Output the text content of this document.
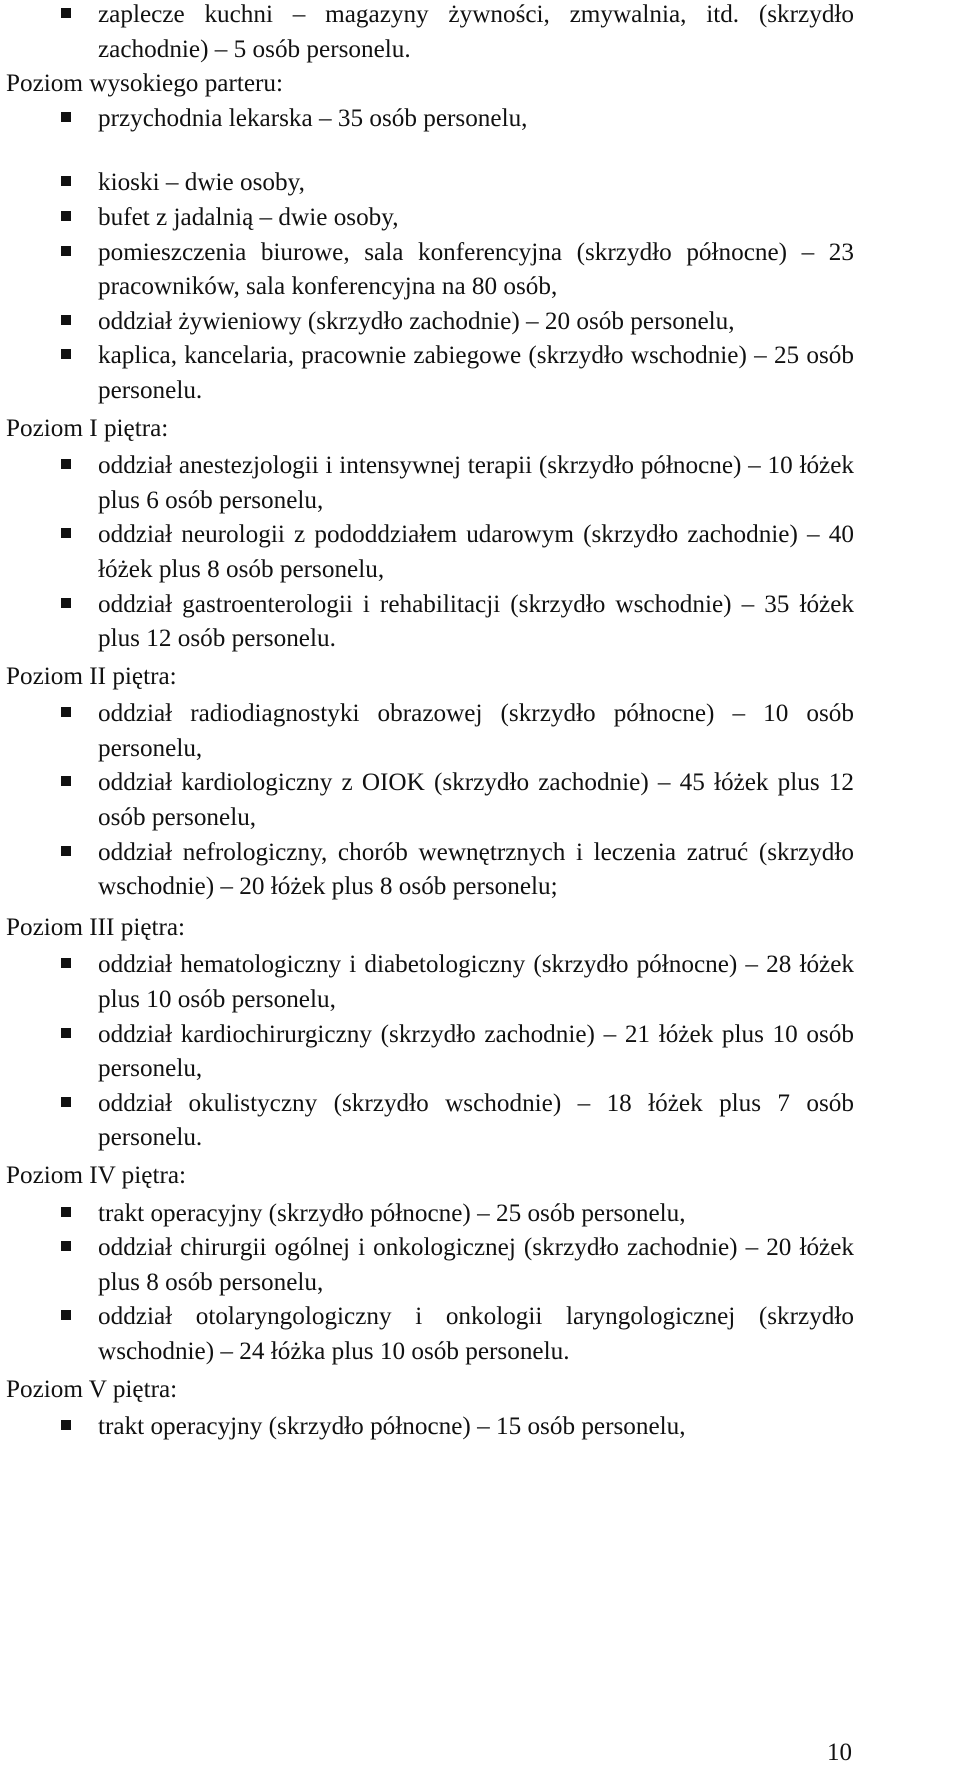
zaplecze kuchni – magazyny żywności, zmywalnia, itd. (skrzydło zachodnie) – 5 osób personelu.
Poziom wysokiego parteru:
przychodnia lekarska – 35 osób personelu,
kioski – dwie osoby,
bufet z jadalnią – dwie osoby,
pomieszczenia biurowe, sala konferencyjna (skrzydło północne) – 23 pracowników, sala konferencyjna na 80 osób,
oddział żywieniowy (skrzydło zachodnie) – 20 osób personelu,
kaplica, kancelaria, pracownie zabiegowe (skrzydło wschodnie) – 25 osób personelu.
Poziom I piętra:
oddział anestezjologii i intensywnej terapii (skrzydło północne) – 10 łóżek plus 6 osób personelu,
oddział neurologii z pododdziałem udarowym (skrzydło zachodnie) – 40 łóżek plus 8 osób personelu,
oddział gastroenterologii i rehabilitacji (skrzydło wschodnie) – 35 łóżek plus 12 osób personelu.
Poziom II piętra:
oddział radiodiagnostyki obrazowej (skrzydło północne) – 10 osób personelu,
oddział kardiologiczny z OIOK (skrzydło zachodnie) – 45 łóżek plus 12 osób personelu,
oddział nefrologiczny, chorób wewnętrznych i leczenia zatruć (skrzydło wschodnie) – 20 łóżek plus 8 osób personelu;
Poziom III piętra:
oddział hematologiczny i diabetologiczny (skrzydło północne) – 28 łóżek plus 10 osób personelu,
oddział kardiochirurgiczny (skrzydło zachodnie) – 21 łóżek plus 10 osób personelu,
oddział okulistyczny (skrzydło wschodnie) – 18 łóżek plus 7 osób personelu.
Poziom IV piętra:
trakt operacyjny (skrzydło północne) – 25 osób personelu,
oddział chirurgii ogólnej i onkologicznej (skrzydło zachodnie) – 20 łóżek plus 8 osób personelu,
oddział otolaryngologiczny i onkologii laryngologicznej (skrzydło wschodnie) – 24 łóżka plus 10 osób personelu.
Poziom V piętra:
trakt operacyjny (skrzydło północne) – 15 osób personelu,
10
